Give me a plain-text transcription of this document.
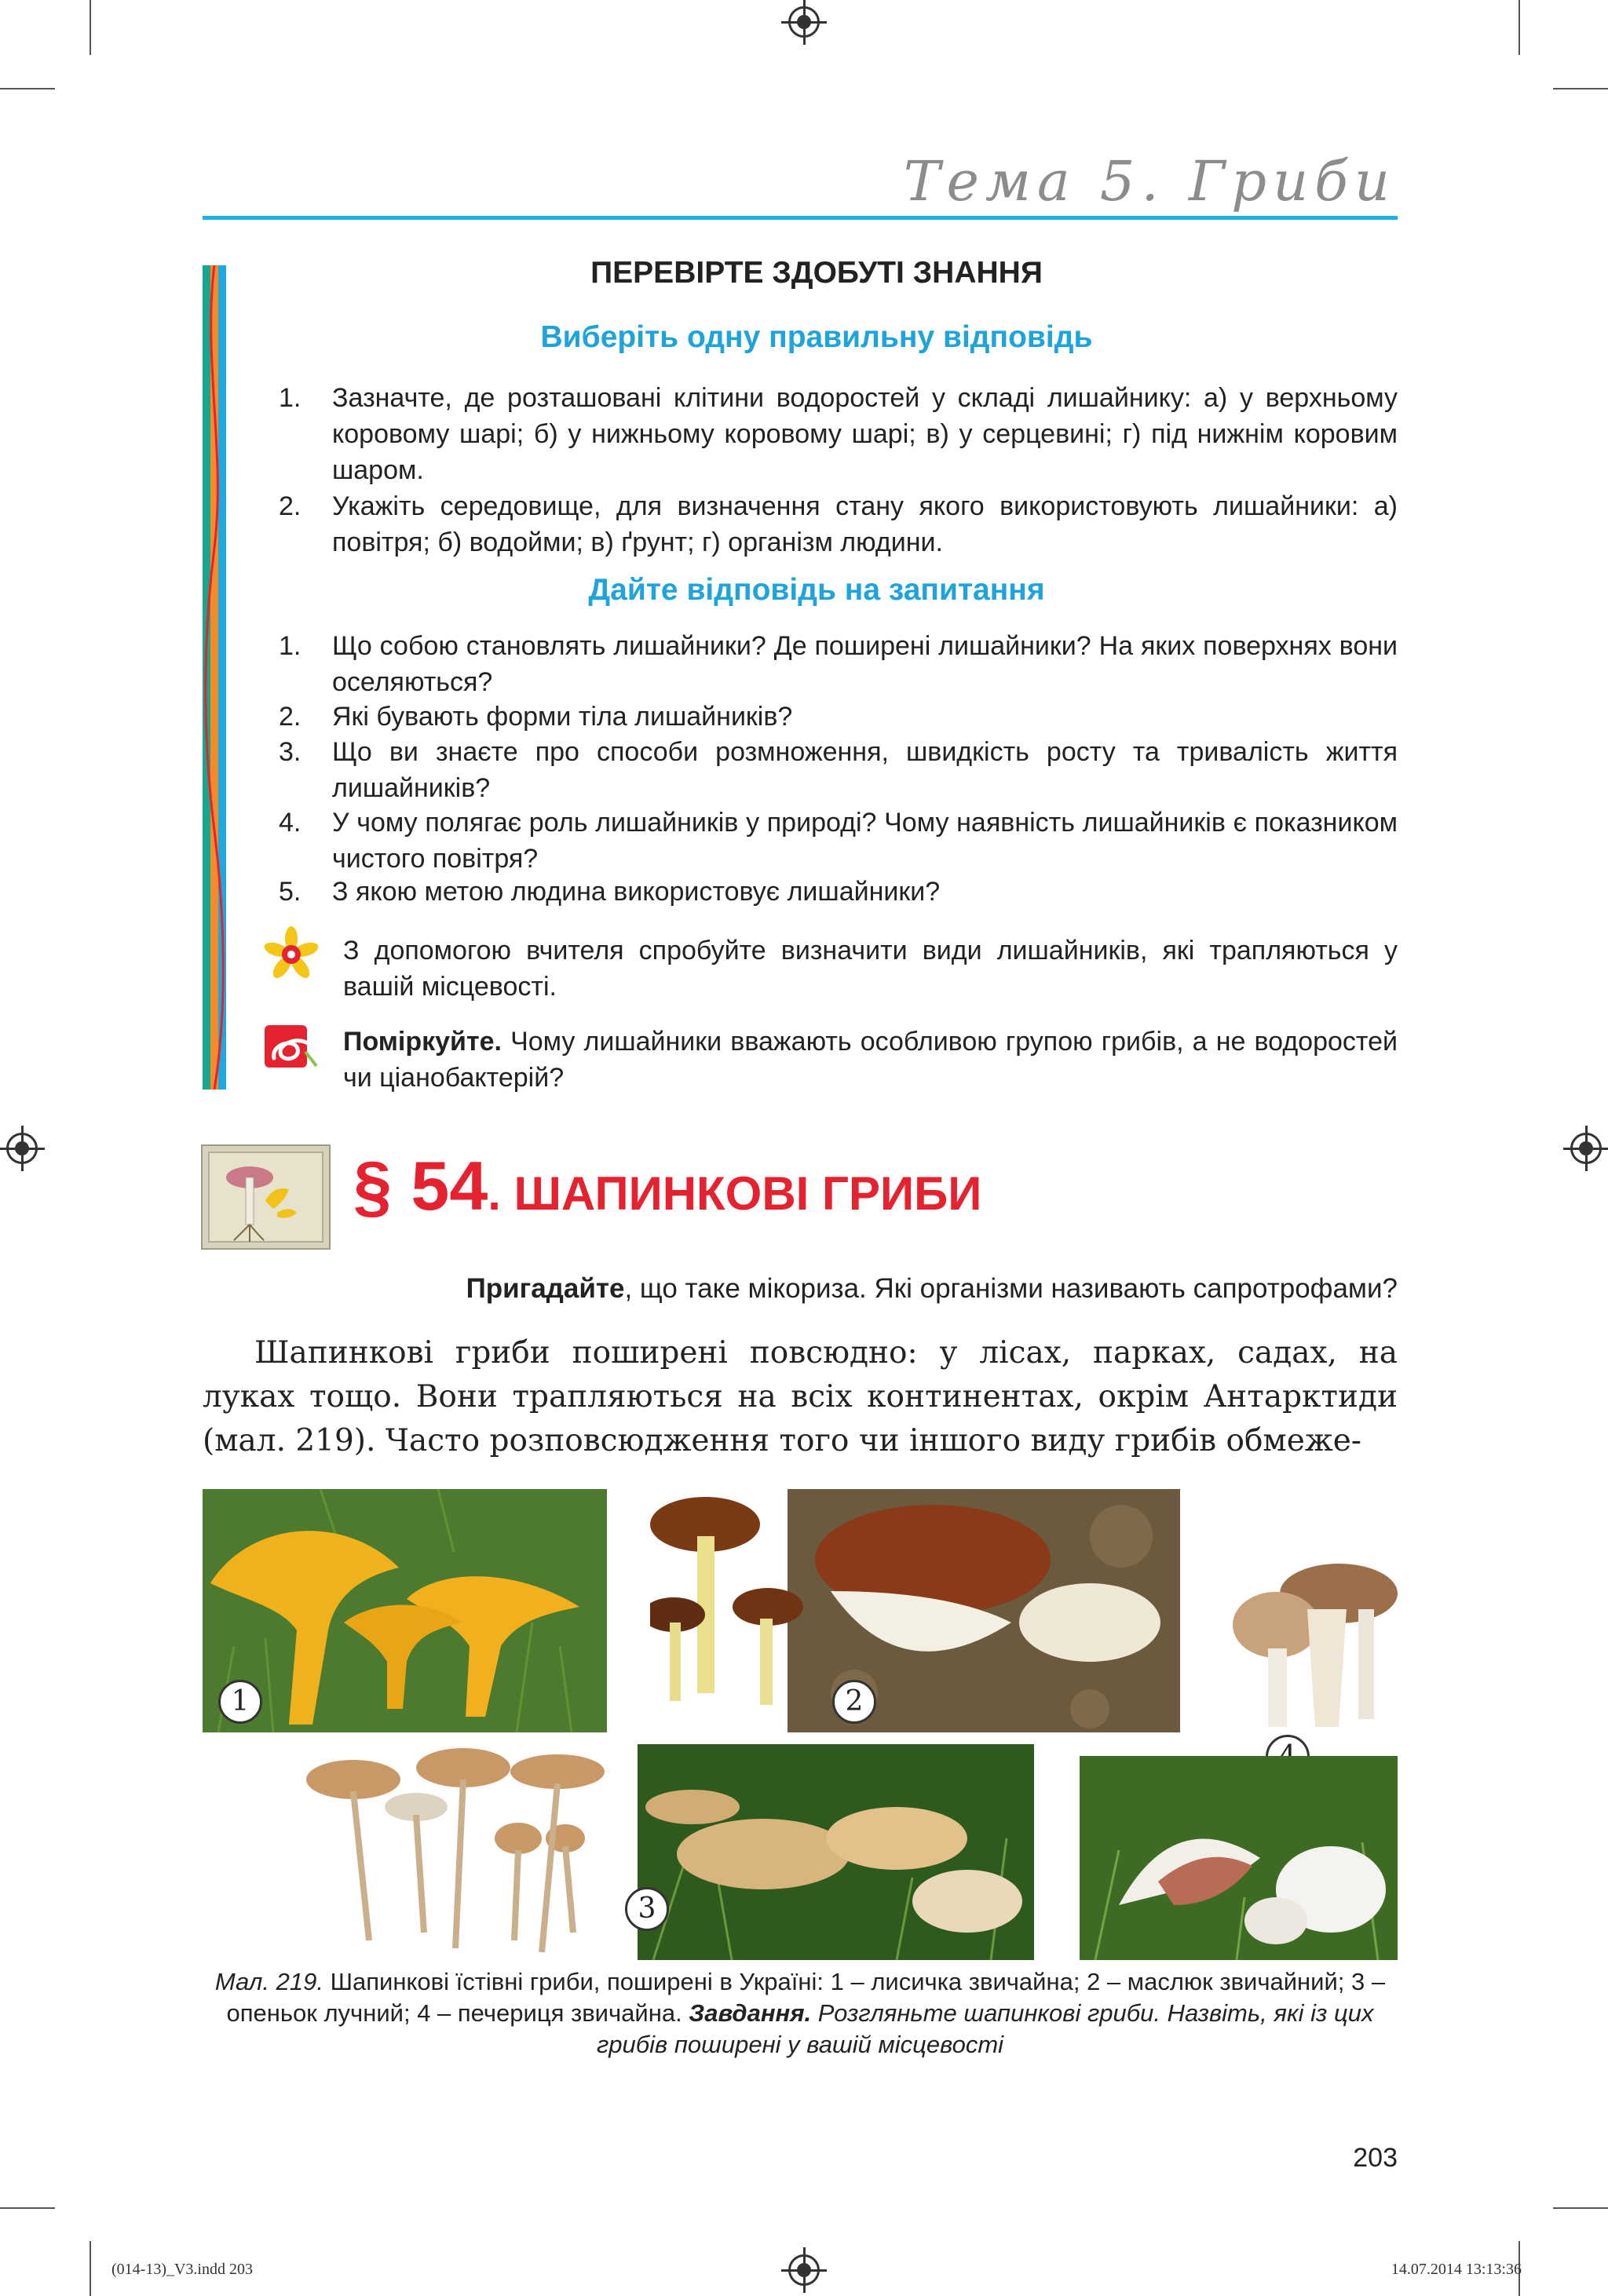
Тема 5. Гриби
ПЕРЕВІРТЕ ЗДОБУТІ ЗНАННЯ
Виберіть одну правильну відповідь
1.	Зазначте, де розташовані клітини водоростей у складі лишайнику: а) у верхньому коровому шарі; б) у нижньому коровому шарі; в) у серцевині; г) під нижнім коровим шаром.
2.	Укажіть середовище, для визначення стану якого використовують лишайники: а) повітря; б) водойми; в) ґрунт; г) організм людини.
Дайте відповідь на запитання
1.	Що собою становлять лишайники? Де поширені лишайники? На яких поверхнях вони оселяються?
2.	Які бувають форми тіла лишайників?
3.	Що ви знаєте про способи розмноження, швидкість росту та тривалість життя лишайників?
4.	У чому полягає роль лишайників у природі? Чому наявність лишайників є показником чистого повітря?
5.	З якою метою людина використовує лишайники?
З допомогою вчителя спробуйте визначити види лишайників, які трапляються у вашій місцевості.
Поміркуйте. Чому лишайники вважають особливою групою грибів, а не водоростей чи ціанобактерій?
§ 54. ШАПИНКОВІ ГРИБИ
Пригадайте, що таке мікориза. Які організми називають сапротрофами?
Шапинкові гриби поширені повсюдно: у лісах, парках, садах, на луках тощо. Вони трапляються на всіх континентах, окрім Антарктиди (мал. 219). Часто розповсюдження того чи іншого виду грибів обмеже-
1	2
3
Мал. 219. Шапинкові їстівні гриби, поширені в Україні: 1 – лисичка звичайна; 2 – маслюк звичайний; 3 – опеньок лучний; 4 – печериця звичайна. Завдання. Розгляньте шапинкові гриби. Назвіть, які із цих грибів поширені у вашій місцевості
203
(014-13)_V3.indd 203	14.07.2014 13:13:36
